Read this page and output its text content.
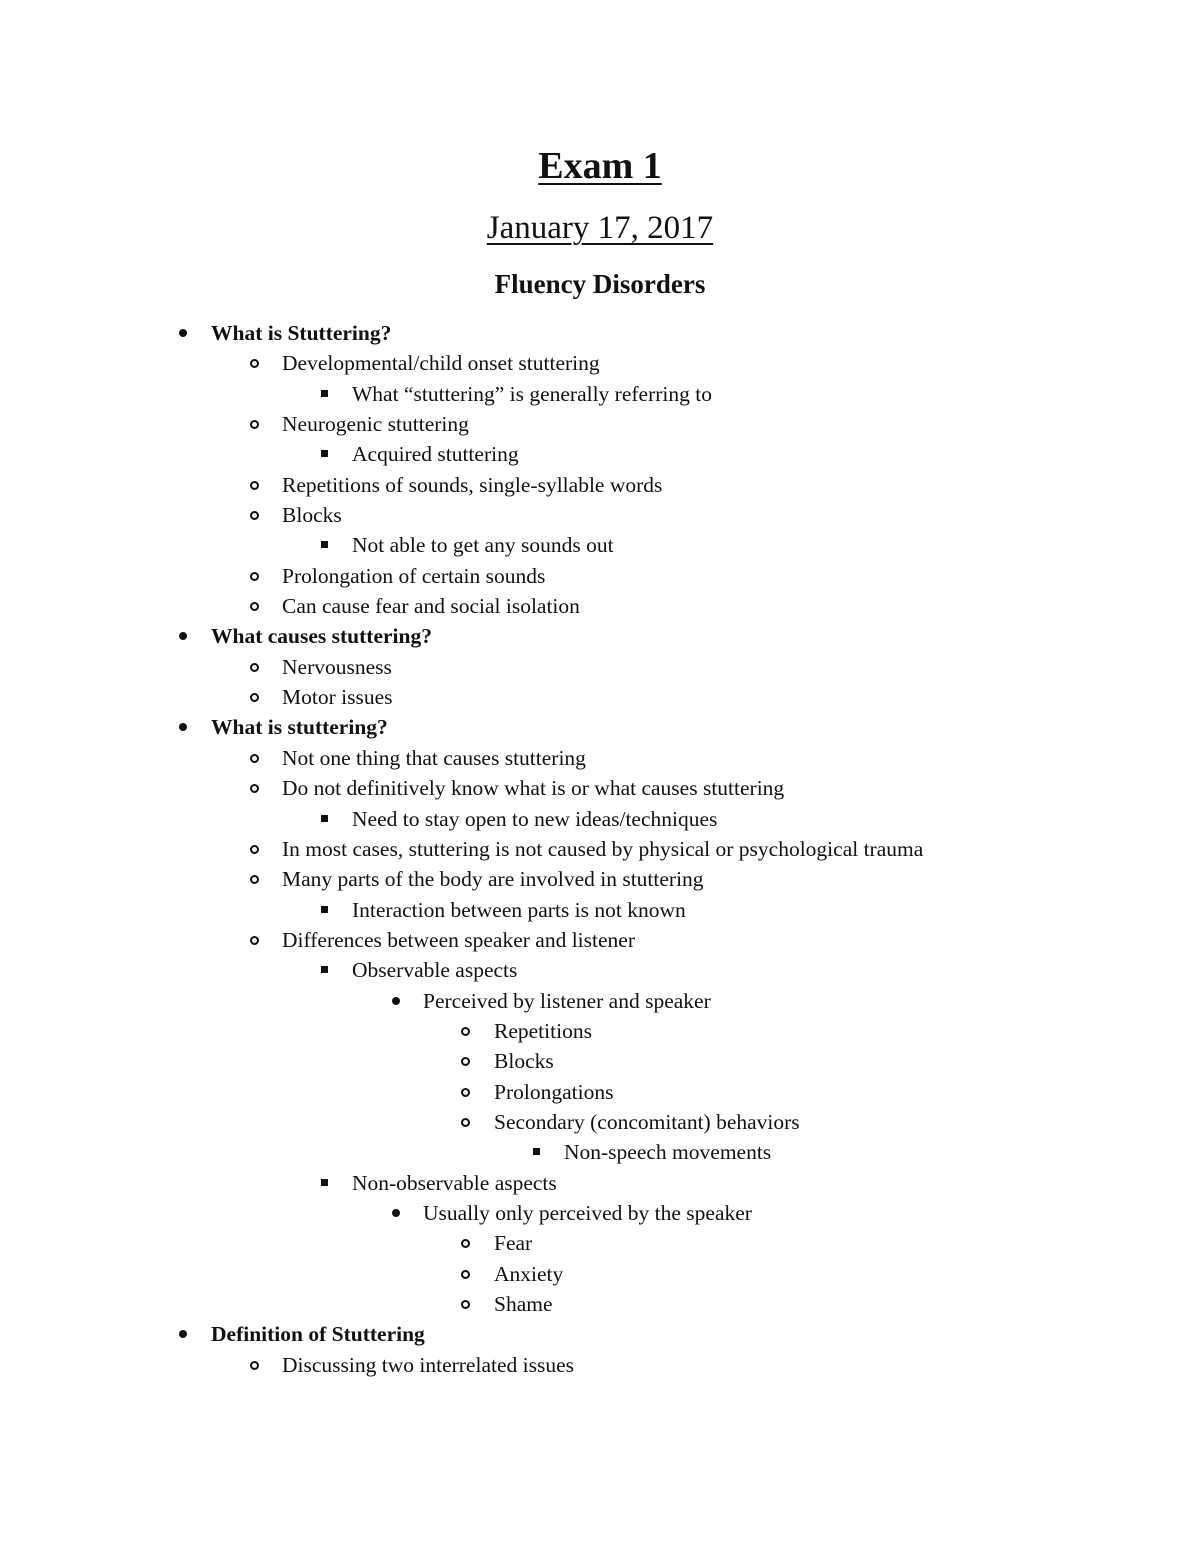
Exam 1
January 17, 2017
Fluency Disorders
What is Stuttering?
Developmental/child onset stuttering
What “stuttering” is generally referring to
Neurogenic stuttering
Acquired stuttering
Repetitions of sounds, single-syllable words
Blocks
Not able to get any sounds out
Prolongation of certain sounds
Can cause fear and social isolation
What causes stuttering?
Nervousness
Motor issues
What is stuttering?
Not one thing that causes stuttering
Do not definitively know what is or what causes stuttering
Need to stay open to new ideas/techniques
In most cases, stuttering is not caused by physical or psychological trauma
Many parts of the body are involved in stuttering
Interaction between parts is not known
Differences between speaker and listener
Observable aspects
Perceived by listener and speaker
Repetitions
Blocks
Prolongations
Secondary (concomitant) behaviors
Non-speech movements
Non-observable aspects
Usually only perceived by the speaker
Fear
Anxiety
Shame
Definition of Stuttering
Discussing two interrelated issues
